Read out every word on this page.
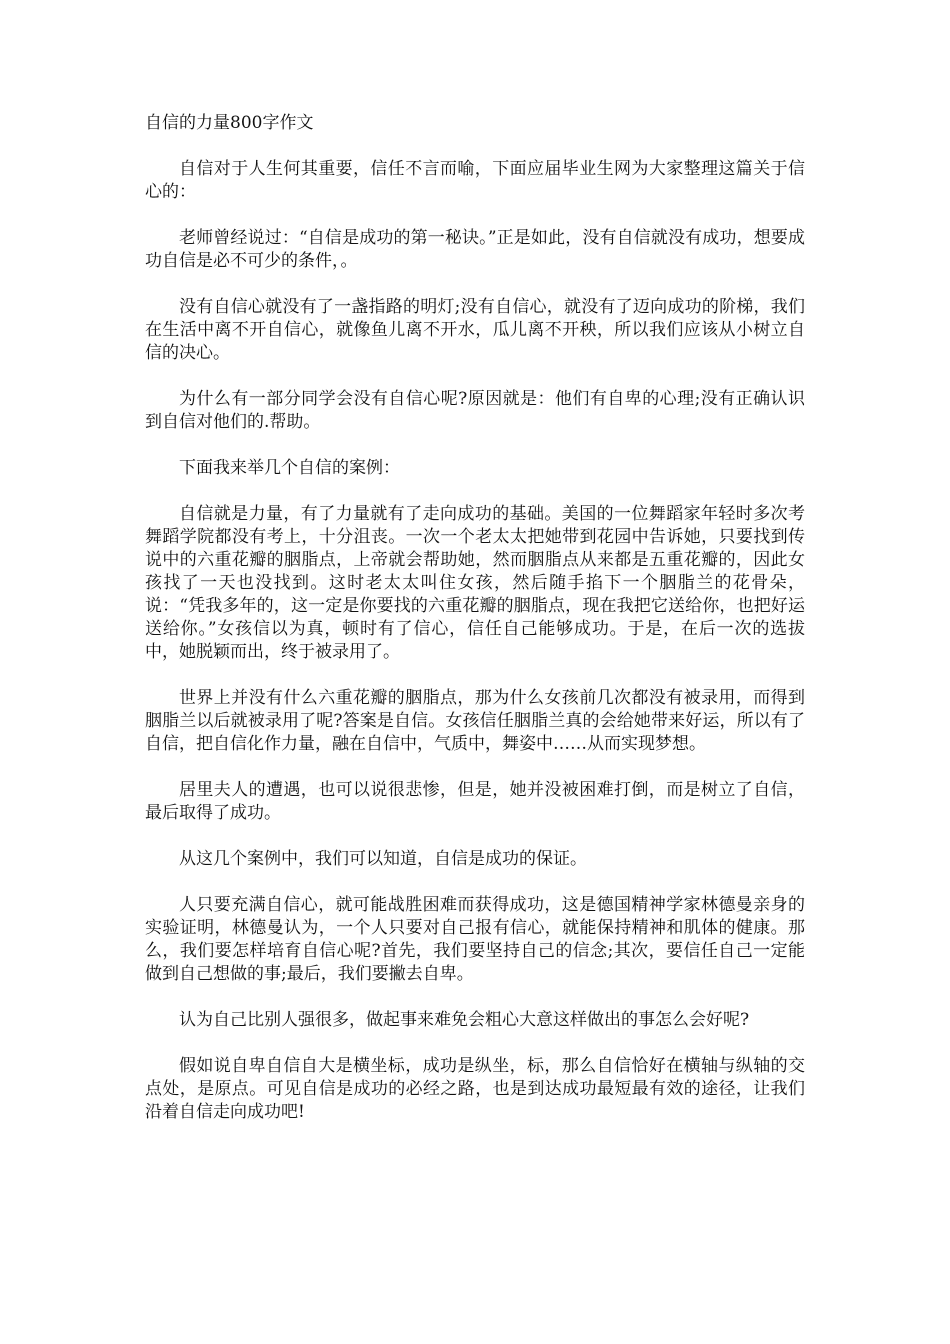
自信的力量800字作文

自信对于人生何其重要，信任不言而喻，下面应届毕业生网为大家整理这篇关于信心的：

老师曾经说过：“自信是成功的第一秘诀。”正是如此，没有自信就没有成功，想要成功自信是必不可少的条件，。

没有自信心就没有了一盏指路的明灯;没有自信心，就没有了迈向成功的阶梯，我们在生活中离不开自信心，就像鱼儿离不开水，瓜儿离不开秧，所以我们应该从小树立自信的决心。

为什么有一部分同学会没有自信心呢?原因就是：他们有自卑的心理;没有正确认识到自信对他们的.帮助。

下面我来举几个自信的案例：

自信就是力量，有了力量就有了走向成功的基础。美国的一位舞蹈家年轻时多次考舞蹈学院都没有考上，十分沮丧。一次一个老太太把她带到花园中告诉她，只要找到传说中的六重花瓣的胭脂点，上帝就会帮助她，然而胭脂点从来都是五重花瓣的，因此女孩找了一天也没找到。这时老太太叫住女孩，然后随手掐下一个胭脂兰的花骨朵，说：“凭我多年的，这一定是你要找的六重花瓣的胭脂点，现在我把它送给你，也把好运送给你。”女孩信以为真，顿时有了信心，信任自己能够成功。于是，在后一次的选拔中，她脱颖而出，终于被录用了。

世界上并没有什么六重花瓣的胭脂点，那为什么女孩前几次都没有被录用，而得到胭脂兰以后就被录用了呢?答案是自信。女孩信任胭脂兰真的会给她带来好运，所以有了自信，把自信化作力量，融在自信中，气质中，舞姿中……从而实现梦想。

居里夫人的遭遇，也可以说很悲惨，但是，她并没被困难打倒，而是树立了自信，最后取得了成功。

从这几个案例中，我们可以知道，自信是成功的保证。

人只要充满自信心，就可能战胜困难而获得成功，这是德国精神学家林德曼亲身的实验证明，林德曼认为，一个人只要对自己报有信心，就能保持精神和肌体的健康。那么，我们要怎样培育自信心呢?首先，我们要坚持自己的信念;其次，要信任自己一定能做到自己想做的事;最后，我们要撇去自卑。

认为自己比别人强很多，做起事来难免会粗心大意这样做出的事怎么会好呢?

假如说自卑自信自大是横坐标，成功是纵坐，标，那么自信恰好在横轴与纵轴的交点处，是原点。可见自信是成功的必经之路，也是到达成功最短最有效的途径，让我们沿着自信走向成功吧!
